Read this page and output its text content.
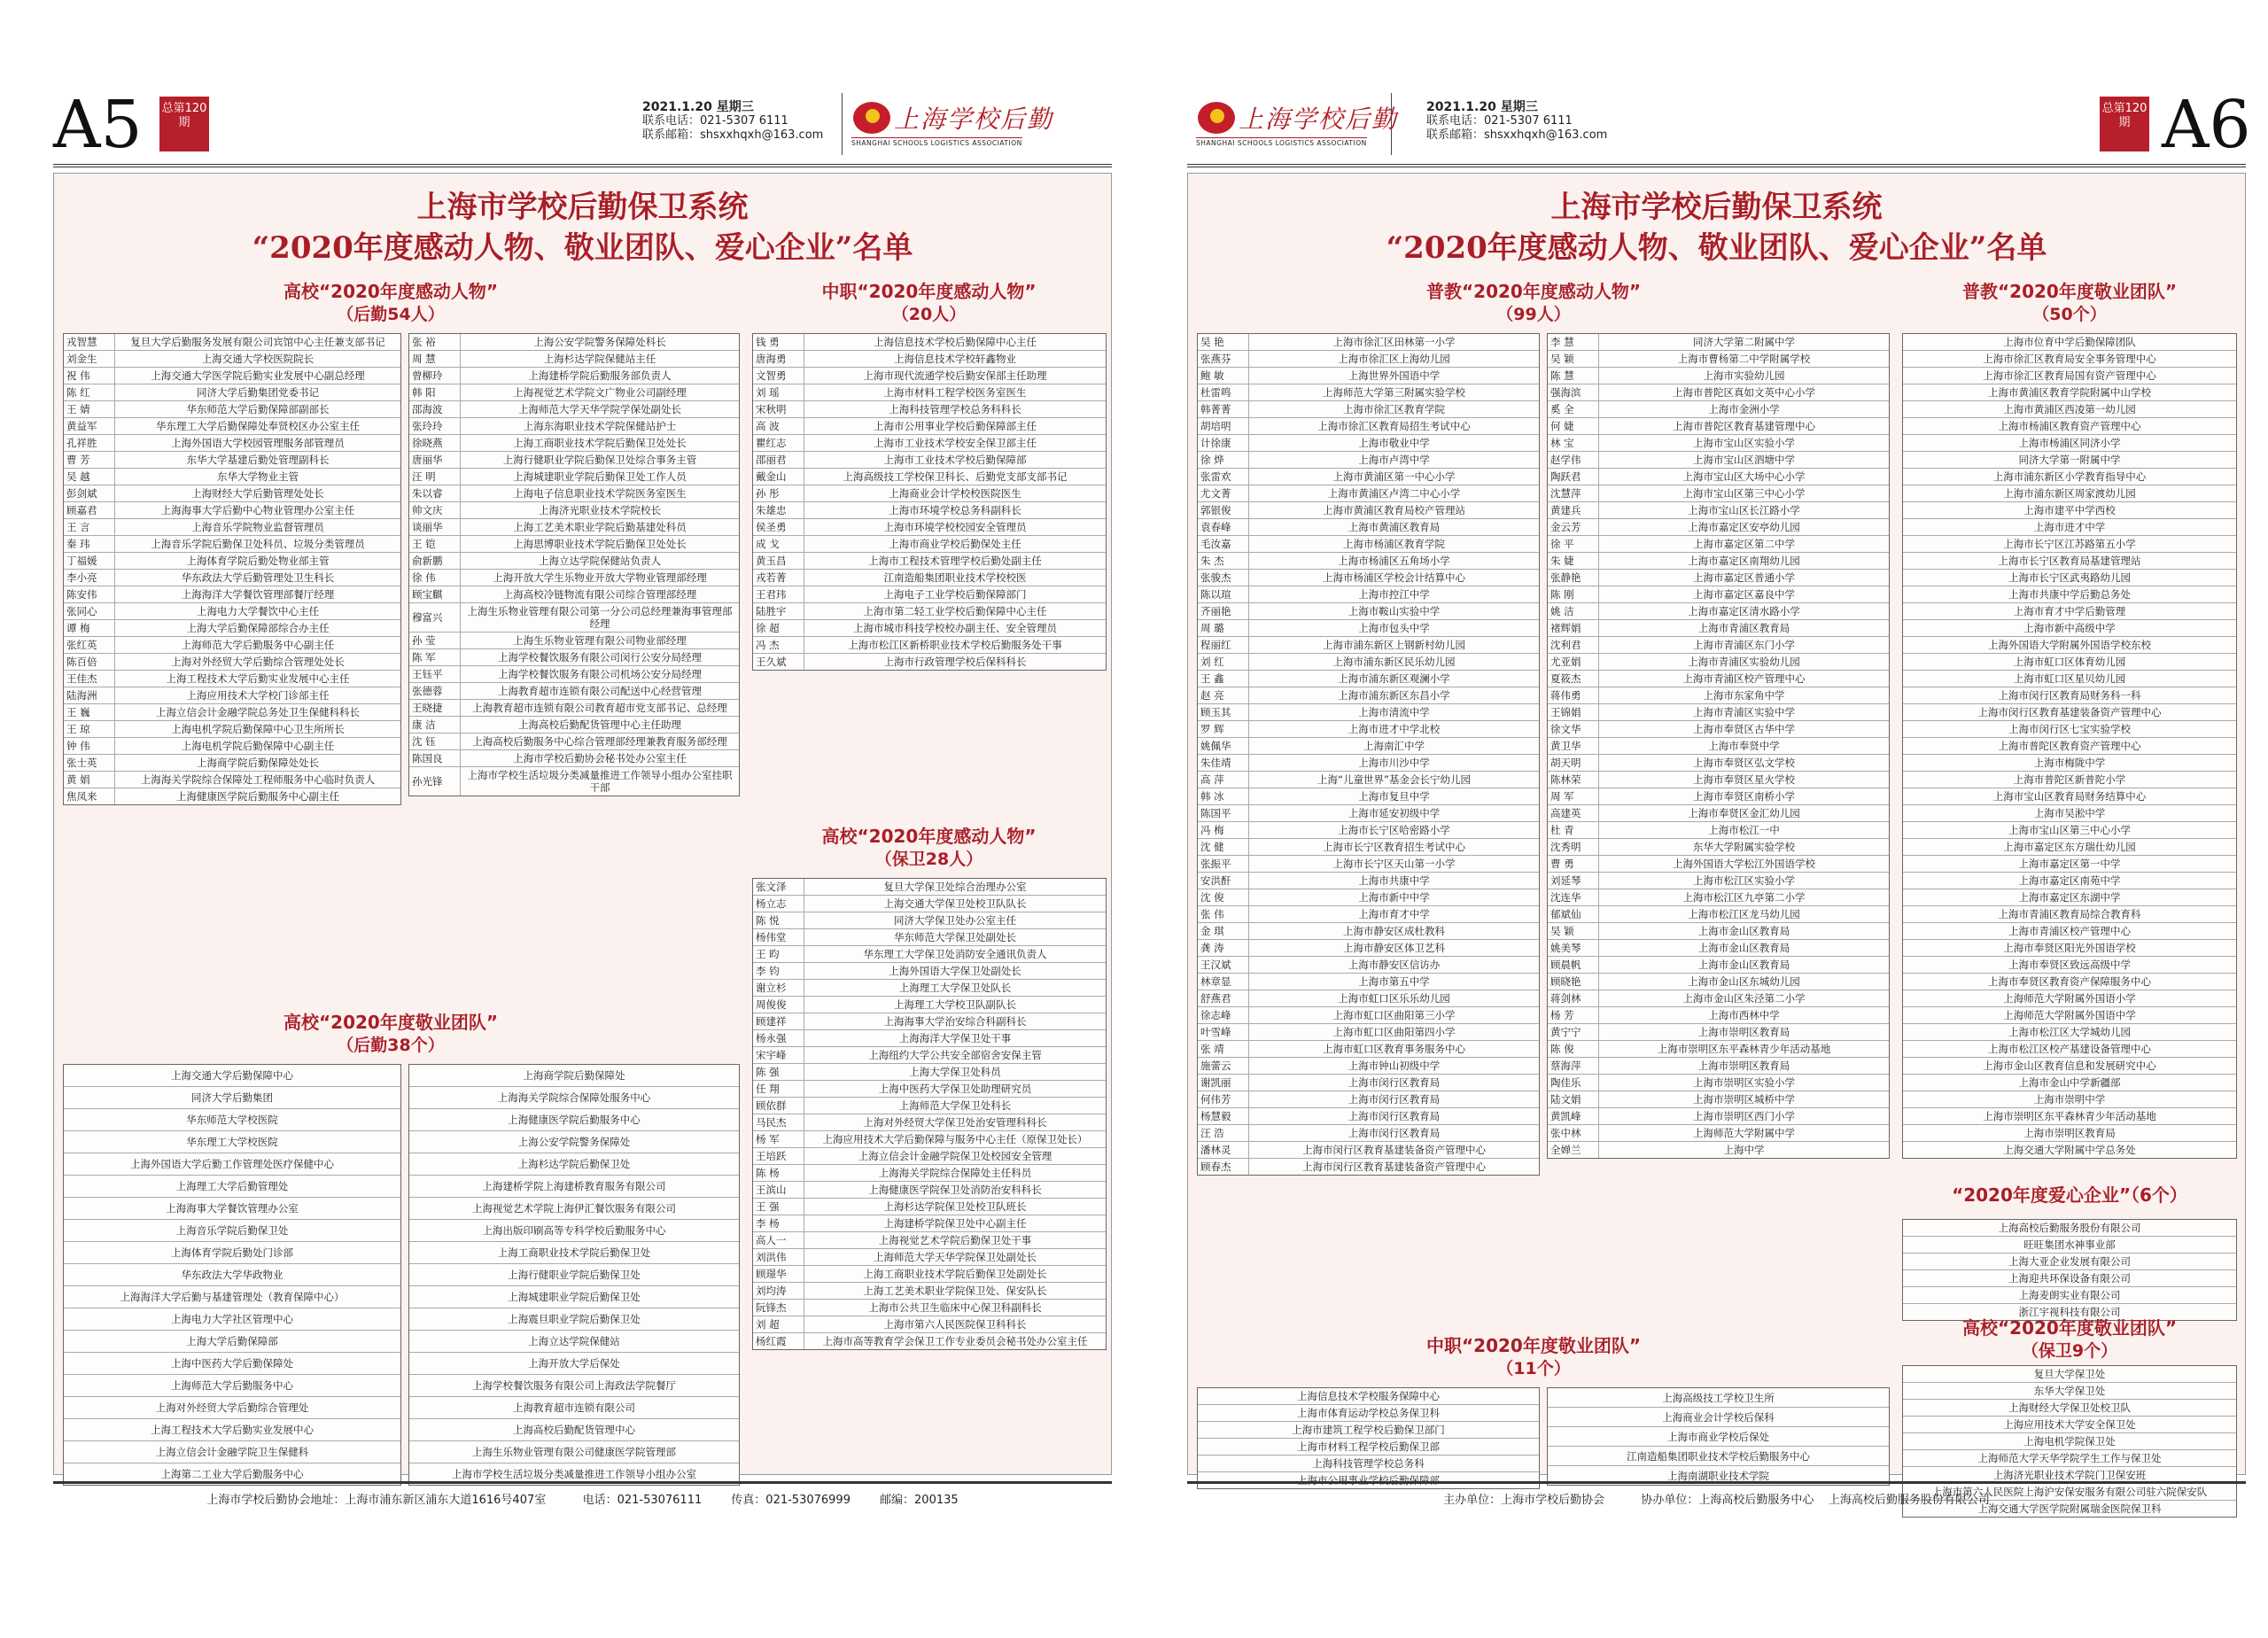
A5 总第120期
2021.1.20 星期三
联系电话：021-5307 6111
联系邮箱：shsxxhqxh@163.com
上海学校后勤
SHANGHAI SCHOOLS LOGISTICS ASSOCIATION
上海市学校后勤保卫系统
“2020年度感动人物、敬业团队、爱心企业”名单
高校“2020年度感动人物”
（后勤54人）
戎智慧	复旦大学后勤服务发展有限公司宾馆中心主任兼支部书记
刘金生	上海交通大学校医院院长
祝 伟	上海交通大学医学院后勤实业发展中心副总经理
陈 红	同济大学后勤集团党委书记
王 婧	华东师范大学后勤保障部副部长
黄益军	华东理工大学后勤保障处奉贤校区办公室主任
孔祥胜	上海外国语大学校园管理服务部管理员
曹 芳	东华大学基建后勤处管理副科长
吴 越	东华大学物业主管
彭剑斌	上海财经大学后勤管理处处长
顾嘉君	上海海事大学后勤中心物业管理办公室主任
王 言	上海音乐学院物业监督管理员
秦 玮	上海音乐学院后勤保卫处科员、垃圾分类管理员
丁福媛	上海体育学院后勤处物业部主管
李小亮	华东政法大学后勤管理处卫生科长
陈安伟	上海海洋大学餐饮管理部餐厅经理
张同心	上海电力大学餐饮中心主任
谭 梅	上海大学后勤保障部综合办主任
张红英	上海师范大学后勤服务中心副主任
陈百倍	上海对外经贸大学后勤综合管理处处长
王佳杰	上海工程技术大学后勤实业发展中心主任
陆海洲	上海应用技术大学校门诊部主任
王 巍	上海立信会计金融学院总务处卫生保健科科长
王 琼	上海电机学院后勤保障中心卫生所所长
钟 伟	上海电机学院后勤保障中心副主任
张士英	上海商学院后勤保障处处长
黄 娟	上海海关学院综合保障处工程师服务中心临时负责人
焦凤来	上海健康医学院后勤服务中心副主任
张 裕	上海公安学院警务保障处科长
周 慧	上海杉达学院保健站主任
曾柳玲	上海建桥学院后勤服务部负责人
韩 阳	上海视觉艺术学院文广物业公司副经理
邵海波	上海师范大学天华学院学保处副处长
张玲玲	上海东海职业技术学院保健站护士
徐晓燕	上海工商职业技术学院后勤保卫处处长
唐丽华	上海行健职业学院后勤保卫处综合事务主管
汪 明	上海城建职业学院后勤保卫处工作人员
朱以睿	上海电子信息职业技术学院医务室医生
帅文庆	上海济光职业技术学院校长
谈丽华	上海工艺美术职业学院后勤基建处科员
王 铠	上海思博职业技术学院后勤保卫处处长
俞新鹏	上海立达学院保健站负责人
徐 伟	上海开放大学生乐物业开放大学物业管理部经理
顾宝麒	上海高校冷链物流有限公司综合管理部经理
穆富兴	上海生乐物业管理有限公司第一分公司总经理兼海事管理部经理
孙 莹	上海生乐物业管理有限公司物业部经理
陈 军	上海学校餐饮服务有限公司闵行公安分局经理
王钰平	上海学校餐饮服务有限公司机场公安分局经理
张德蓉	上海教育超市连锁有限公司配送中心经营管理
王晓捷	上海教育超市连锁有限公司教育超市党支部书记、总经理
康 洁	上海高校后勤配货管理中心主任助理
沈 钰	上海高校后勤服务中心综合管理部经理兼教育服务部经理
陈国良	上海市学校后勤协会秘书处办公室主任
孙光锋	上海市学校生活垃圾分类减量推进工作领导小组办公室挂职干部
中职“2020年度感动人物”
（20人）
钱 勇	上海信息技术学校后勤保障中心主任
唐海勇	上海信息技术学校轩鑫物业
文智勇	上海市现代流通学校后勤安保部主任助理
刘 瑶	上海市材料工程学校医务室医生
宋秋明	上海科技管理学校总务科科长
高 波	上海市公用事业学校后勤保障部主任
瞿红志	上海市工业技术学校安全保卫部主任
邵丽君	上海市工业技术学校后勤保障部
戴金山	上海高级技工学校保卫科长、后勤党支部支部书记
孙 彤	上海商业会计学校校医院医生
朱雄忠	上海市环境学校总务科副科长
侯圣勇	上海市环境学校校园安全管理员
成 戈	上海市商业学校后勤保处主任
黄玉昌	上海市工程技术管理学校后勤处副主任
戎若菁	江南造船集团职业技术学校校医
王君玮	上海电子工业学校后勤保障部门
陆胜宇	上海市第二轻工业学校后勤保障中心主任
徐 超	上海市城市科技学校校办副主任、安全管理员
冯 杰	上海市松江区新桥职业技术学校后勤服务处干事
王久斌	上海市行政管理学校后保科科长
高校“2020年度感动人物”
（保卫28人）
张文泽	复旦大学保卫处综合治理办公室
杨立志	上海交通大学保卫处校卫队队长
陈 悦	同济大学保卫处办公室主任
杨伟堂	华东师范大学保卫处副处长
王 昀	华东理工大学保卫处消防安全通讯负责人
李 钧	上海外国语大学保卫处副处长
谢立杉	上海理工大学保卫处队长
周俊俊	上海理工大学校卫队副队长
顾建祥	上海海事大学治安综合科副科长
杨永强	上海海洋大学保卫处干事
宋宇峰	上海纽约大学公共安全部宿舍安保主管
陈 强	上海大学保卫处科员
任 翔	上海中医药大学保卫处助理研究员
顾依群	上海师范大学保卫处科长
马民杰	上海对外经贸大学保卫处治安管理科科长
杨 军	上海应用技术大学后勤保障与服务中心主任（原保卫处长）
王培跃	上海立信会计金融学院保卫处校园安全管理
陈 杨	上海海关学院综合保障处主任科员
王滨山	上海健康医学院保卫处消防治安科科长
王 强	上海杉达学院保卫处校卫队班长
李 杨	上海建桥学院保卫处中心副主任
高人一	上海视觉艺术学院后勤保卫处干事
刘洪伟	上海师范大学天华学院保卫处副处长
顾璟华	上海工商职业技术学院后勤保卫处副处长
刘均涛	上海工艺美术职业学院保卫处、保安队长
阮锋杰	上海市公共卫生临床中心保卫科副科长
刘 超	上海市第六人民医院保卫科科长
杨红霞	上海市高等教育学会保卫工作专业委员会秘书处办公室主任
高校“2020年度敬业团队”
（后勤38个）
上海交通大学后勤保障中心
同济大学后勤集团
华东师范大学校医院
华东理工大学校医院
上海外国语大学后勤工作管理处医疗保健中心
上海理工大学后勤管理处
上海海事大学餐饮管理办公室
上海音乐学院后勤保卫处
上海体育学院后勤处门诊部
华东政法大学华政物业
上海海洋大学后勤与基建管理处（教育保障中心）
上海电力大学社区管理中心
上海大学后勤保障部
上海中医药大学后勤保障处
上海师范大学后勤服务中心
上海对外经贸大学后勤综合管理处
上海工程技术大学后勤实业发展中心
上海立信会计金融学院卫生保健科
上海第二工业大学后勤服务中心
上海商学院后勤保障处
上海海关学院综合保障处服务中心
上海健康医学院后勤服务中心
上海公安学院警务保障处
上海杉达学院后勤保卫处
上海建桥学院上海建桥教育服务有限公司
上海视觉艺术学院上海伊汇餐饮服务有限公司
上海出版印刷高等专科学校后勤服务中心
上海工商职业技术学院后勤保卫处
上海行健职业学院后勤保卫处
上海城建职业学院后勤保卫处
上海震旦职业学院后勤保卫处
上海立达学院保健站
上海开放大学后保处
上海学校餐饮服务有限公司上海政法学院餐厅
上海教育超市连锁有限公司
上海高校后勤配货管理中心
上海生乐物业管理有限公司健康医学院管理部
上海市学校生活垃圾分类减量推进工作领导小组办公室
上海市学校后勤协会地址：上海市浦东新区浦东大道1616号407室          电话：021-53076111        传真：021-53076999        邮编：200135
上海学校后勤
SHANGHAI SCHOOLS LOGISTICS ASSOCIATION
2021.1.20 星期三
联系电话：021-5307 6111
联系邮箱：shsxxhqxh@163.com
总第120期 A6
上海市学校后勤保卫系统
“2020年度感动人物、敬业团队、爱心企业”名单
普教“2020年度感动人物”
（99人）
吴 艳	上海市徐汇区田林第一小学
张燕芬	上海市徐汇区上海幼儿园
鲍 敏	上海世界外国语中学
杜雷鸣	上海师范大学第三附属实验学校
韩菁菁	上海市徐汇区教育学院
胡培明	上海市徐汇区教育局招生考试中心
计徐康	上海市敬业中学
徐 烨	上海市卢湾中学
张雷欢	上海市黄浦区第一中心小学
尤文菁	上海市黄浦区卢湾二中心小学
郭银俊	上海市黄浦区教育局校产管理站
袁春峰	上海市黄浦区教育局
毛汝嘉	上海市杨浦区教育学院
朱 杰	上海市杨浦区五角场小学
张骏杰	上海市杨浦区学校会计结算中心
陈以瑄	上海市控江中学
齐丽艳	上海市鞍山实验中学
周 璐	上海市包头中学
程丽红	上海市浦东新区上钢新村幼儿园
刘 红	上海市浦东新区民乐幼儿园
王 鑫	上海市浦东新区观澜小学
赵 亮	上海市浦东新区东昌小学
顾玉其	上海市清流中学
罗 辉	上海市进才中学北校
姚佩华	上海南汇中学
朱佳靖	上海市川沙中学
高 萍	上海“儿童世界”基金会长宁幼儿园
韩 冰	上海市复旦中学
陈国平	上海市延安初级中学
冯 梅	上海市长宁区哈密路小学
沈 健	上海市长宁区教育招生考试中心
张振平	上海市长宁区天山第一小学
安洪酐	上海市共康中学
沈 俊	上海市新中中学
张 伟	上海市育才中学
金 琪	上海市静安区成杜教科
龚 涛	上海市静安区体卫艺科
王汉斌	上海市静安区信访办
林章显	上海市第五中学
舒燕君	上海市虹口区乐乐幼儿园
徐志峰	上海市虹口区曲阳第三小学
叶雪峰	上海市虹口区曲阳第四小学
张 靖	上海市虹口区教育事务服务中心
施蕾云	上海市钟山初级中学
谢凯丽	上海市闵行区教育局
何伟芳	上海市闵行区教育局
杨慧毅	上海市闵行区教育局
汪 浩	上海市闵行区教育局
潘林灵	上海市闵行区教育基建装备资产管理中心
顾春杰	上海市闵行区教育基建装备资产管理中心
李 慧	同济大学第二附属中学
吴 颖	上海市曹杨第二中学附属学校
陈 慧	上海市实验幼儿园
强海滨	上海市普陀区真如文英中心小学
奚 全	上海市金洲小学
何 婕	上海市普陀区教育基建管理中心
林 宝	上海市宝山区实验小学
赵学伟	上海市宝山区泗塘中学
陶跃君	上海市宝山区大场中心小学
沈慧萍	上海市宝山区第三中心小学
黄建兵	上海市宝山区长江路小学
金云芳	上海市嘉定区安亭幼儿园
徐 平	上海市嘉定区第二中学
朱 婕	上海市嘉定区南翔幼儿园
张静艳	上海市嘉定区普通小学
陈 刚	上海市嘉定区嘉良中学
姚 洁	上海市嘉定区清水路小学
褚辉娟	上海市青浦区教育局
沈利君	上海市青浦区东门小学
尤亚娟	上海市青浦区实验幼儿园
夏筱杰	上海市青浦区校产管理中心
蒋伟勇	上海市东家角中学
王锦娟	上海市青浦区实验中学
徐文华	上海市奉贤区古华中学
黄卫华	上海市奉贤中学
胡天明	上海市奉贤区弘文学校
陈林荣	上海市奉贤区星火学校
周 军	上海市奉贤区南桥小学
高建英	上海市奉贤区金汇幼儿园
杜 青	上海市松江一中
沈秀明	东华大学附属实验学校
曹 勇	上海外国语大学松江外国语学校
刘延琴	上海市松江区实验小学
沈连华	上海市松江区九亭第二小学
郁斌仙	上海市松江区龙马幼儿园
吴 颖	上海市金山区教育局
姚美琴	上海市金山区教育局
顾晨帆	上海市金山区教育局
顾晓艳	上海市金山区东城幼儿园
蒋剑林	上海市金山区朱泾第二小学
杨 芳	上海市西林中学
黄宁宁	上海市崇明区教育局
陈 俊	上海市崇明区东平森林青少年活动基地
蔡海萍	上海市崇明区教育局
陶佳乐	上海市崇明区实验小学
陆文娟	上海市崇明区城桥中学
黄凯峰	上海市崇明区西门小学
张中林	上海师范大学附属中学
全婵兰	上海中学
普教“2020年度敬业团队”
（50个）
上海市位育中学后勤保障团队
上海市徐汇区教育局安全事务管理中心
上海市徐汇区教育局国有资产管理中心
上海市黄浦区教育学院附属中山学校
上海市黄浦区西凌第一幼儿园
上海市杨浦区教育资产管理中心
上海市杨浦区同济小学
同济大学第一附属中学
上海市浦东新区小学教育指导中心
上海市浦东新区周家渡幼儿园
上海市建平中学西校
上海市进才中学
上海市长宁区江苏路第五小学
上海市长宁区教育局基建管理站
上海市长宁区武夷路幼儿园
上海市共康中学后勤总务处
上海市育才中学后勤管理
上海市新中高级中学
上海外国语大学附属外国语学校东校
上海市虹口区体育幼儿园
上海市虹口区星贝幼儿园
上海市闵行区教育局财务科一科
上海市闵行区教育基建装备资产管理中心
上海市闵行区七宝实验学校
上海市普陀区教育资产管理中心
上海市梅陇中学
上海市普陀区新普陀小学
上海市宝山区教育局财务结算中心
上海市吴淞中学
上海市宝山区第三中心小学
上海市嘉定区东方瑞仕幼儿园
上海市嘉定区第一中学
上海市嘉定区南苑中学
上海市嘉定区东湖中学
上海市青浦区教育局综合教育科
上海市青浦区校产管理中心
上海市奉贤区阳光外国语学校
上海市奉贤区致远高级中学
上海市奉贤区教育资产保障服务中心
上海师范大学附属外国语小学
上海师范大学附属外国语中学
上海市松江区大学城幼儿园
上海市松江区校产基建设备管理中心
上海市金山区教育信息和发展研究中心
上海市金山中学新疆部
上海市崇明中学
上海市崇明区东平森林青少年活动基地
上海市崇明区教育局
上海交通大学附属中学总务处
“2020年度爱心企业”（6个）
上海高校后勤服务股份有限公司
旺旺集团水神事业部
上海大亚企业发展有限公司
上海迎共环保设备有限公司
上海麦朗实业有限公司
浙江宇视科技有限公司
高校“2020年度敬业团队”
（保卫9个）
复旦大学保卫处
东华大学保卫处
上海财经大学保卫处校卫队
上海应用技术大学安全保卫处
上海电机学院保卫处
上海师范大学天华学院学生工作与保卫处
上海济光职业技术学院门卫保安班
上海市第六人民医院上海沪安保安服务有限公司驻六院保安队
上海交通大学医学院附属瑞金医院保卫科
中职“2020年度敬业团队”
（11个）
上海信息技术学校服务保障中心
上海市体育运动学校总务保卫科
上海市建筑工程学校后勤保卫部门
上海市材料工程学校后勤保卫部
上海科技管理学校总务科
上海市公用事业学校后勤保障部
上海高级技工学校卫生所
上海商业会计学校后保科
上海市商业学校后保处
江南造船集团职业技术学校后勤服务中心
上海南湖职业技术学院
主办单位：上海市学校后勤协会          协办单位：上海高校后勤服务中心    上海高校后勤服务股份有限公司
